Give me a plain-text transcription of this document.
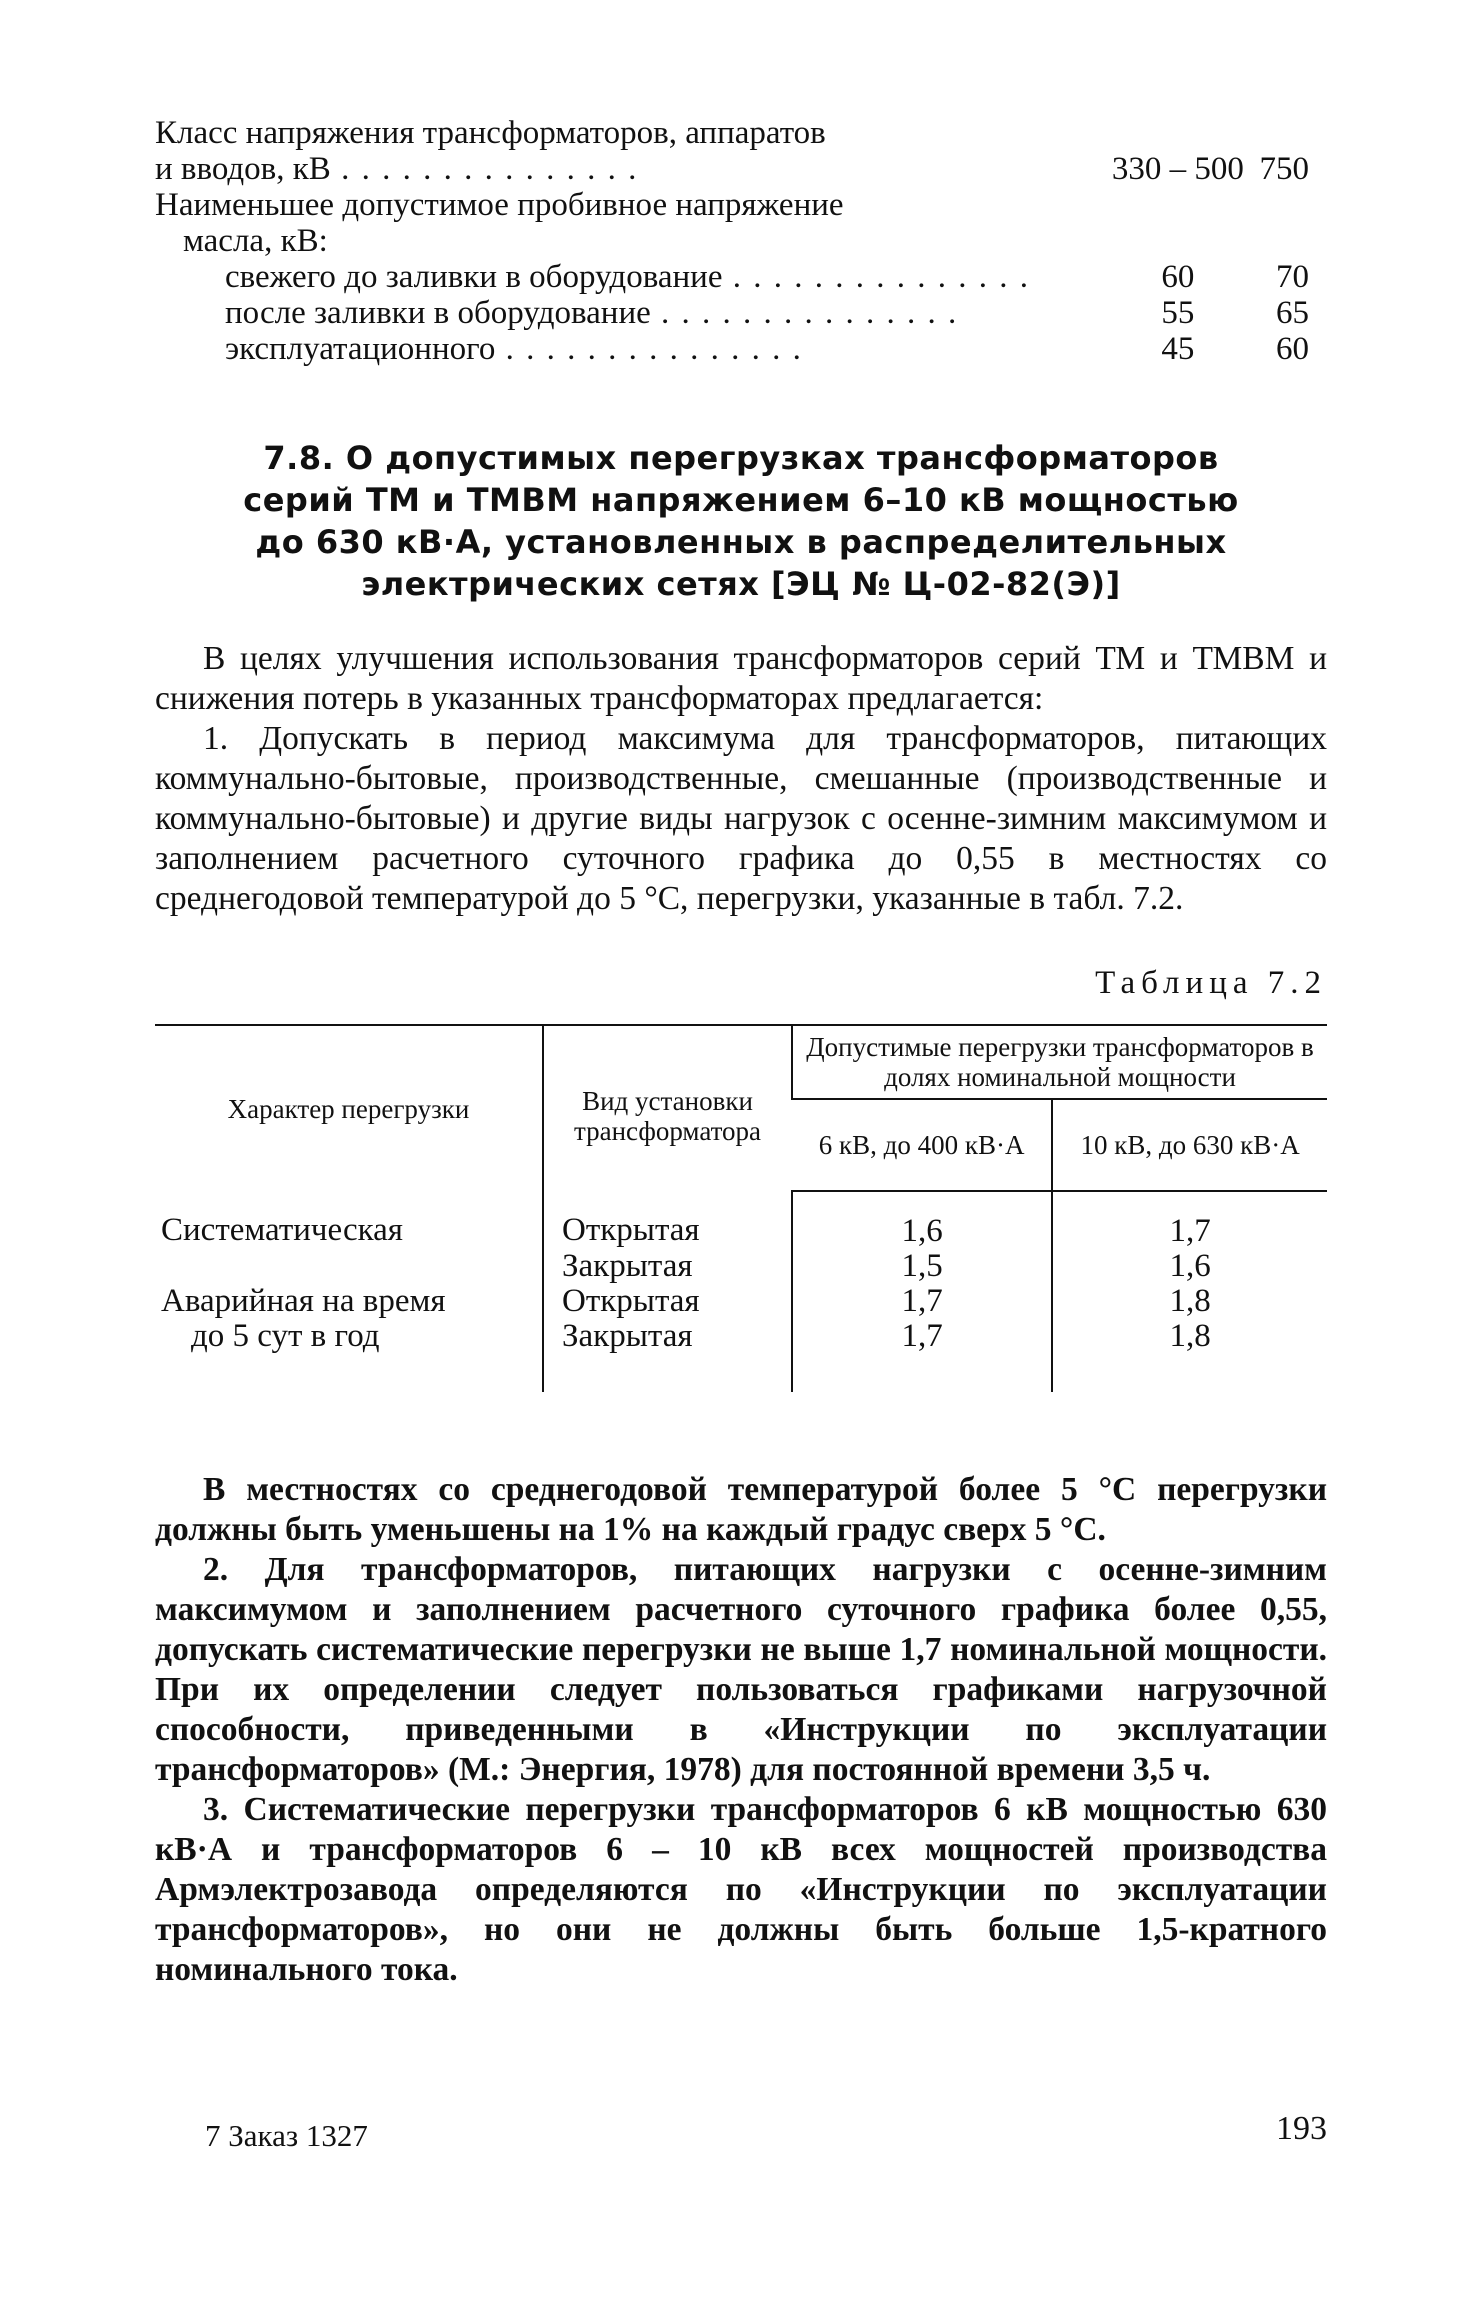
Класс напряжения трансформаторов, аппаратов		
и вводов, кВ . . .	330 – 500	750
Наименьшее допустимое пробивное напряжение		
масла, кВ:		
свежего до заливки в оборудование . . .	60	70
после заливки в оборудование . . .	55	65
эксплуатационного . . .	45	60
7.8. О допустимых перегрузках трансформаторов
серий ТМ и ТМВМ напряжением 6–10 кВ мощностью
до 630 кВ·А, установленных в распределительных
электрических сетях [ЭЦ № Ц-02-82(Э)]

В целях улучшения использования трансформаторов серий ТМ и ТМВМ и снижения потерь в указанных трансформаторах предлагается:

1. Допускать в период максимума для трансформаторов, питающих коммунально-бытовые, производственные, смешанные (производственные и коммунально-бытовые) и другие виды нагрузок с осенне-зимним максимумом и заполнением расчетного суточного графика до 0,55 в местностях со среднегодовой температурой до 5 °С, перегрузки, указанные в табл. 7.2.

Таблица 7.2
Характер перегрузки	Вид установки трансформатора	Допустимые перегрузки трансформаторов в долях номинальной мощности	
		6 кВ, до 400 кВ·А	10 кВ, до 630 кВ·А
Систематическая	Открытая	1,6	1,7
	Закрытая	1,5	1,6
Аварийная на время	Открытая	1,7	1,8
до 5 сут в год	Закрытая	1,7	1,8

В местностях со среднегодовой температурой более 5 °С перегрузки должны быть уменьшены на 1% на каждый градус сверх 5 °С.

2. Для трансформаторов, питающих нагрузки с осенне-зимним максимумом и заполнением расчетного суточного графика более 0,55, допускать систематические перегрузки не выше 1,7 номинальной мощности. При их определении следует пользоваться графиками нагрузочной способности, приведенными в «Инструкции по эксплуатации трансформаторов» (М.: Энергия, 1978) для постоянной времени 3,5 ч.

3. Систематические перегрузки трансформаторов 6 кВ мощностью 630 кВ·А и трансформаторов 6 – 10 кВ всех мощностей производства Армэлектрозавода определяются по «Инструкции по эксплуатации трансформаторов», но они не должны быть больше 1,5-кратного номинального тока.

7 Заказ 1327	193
